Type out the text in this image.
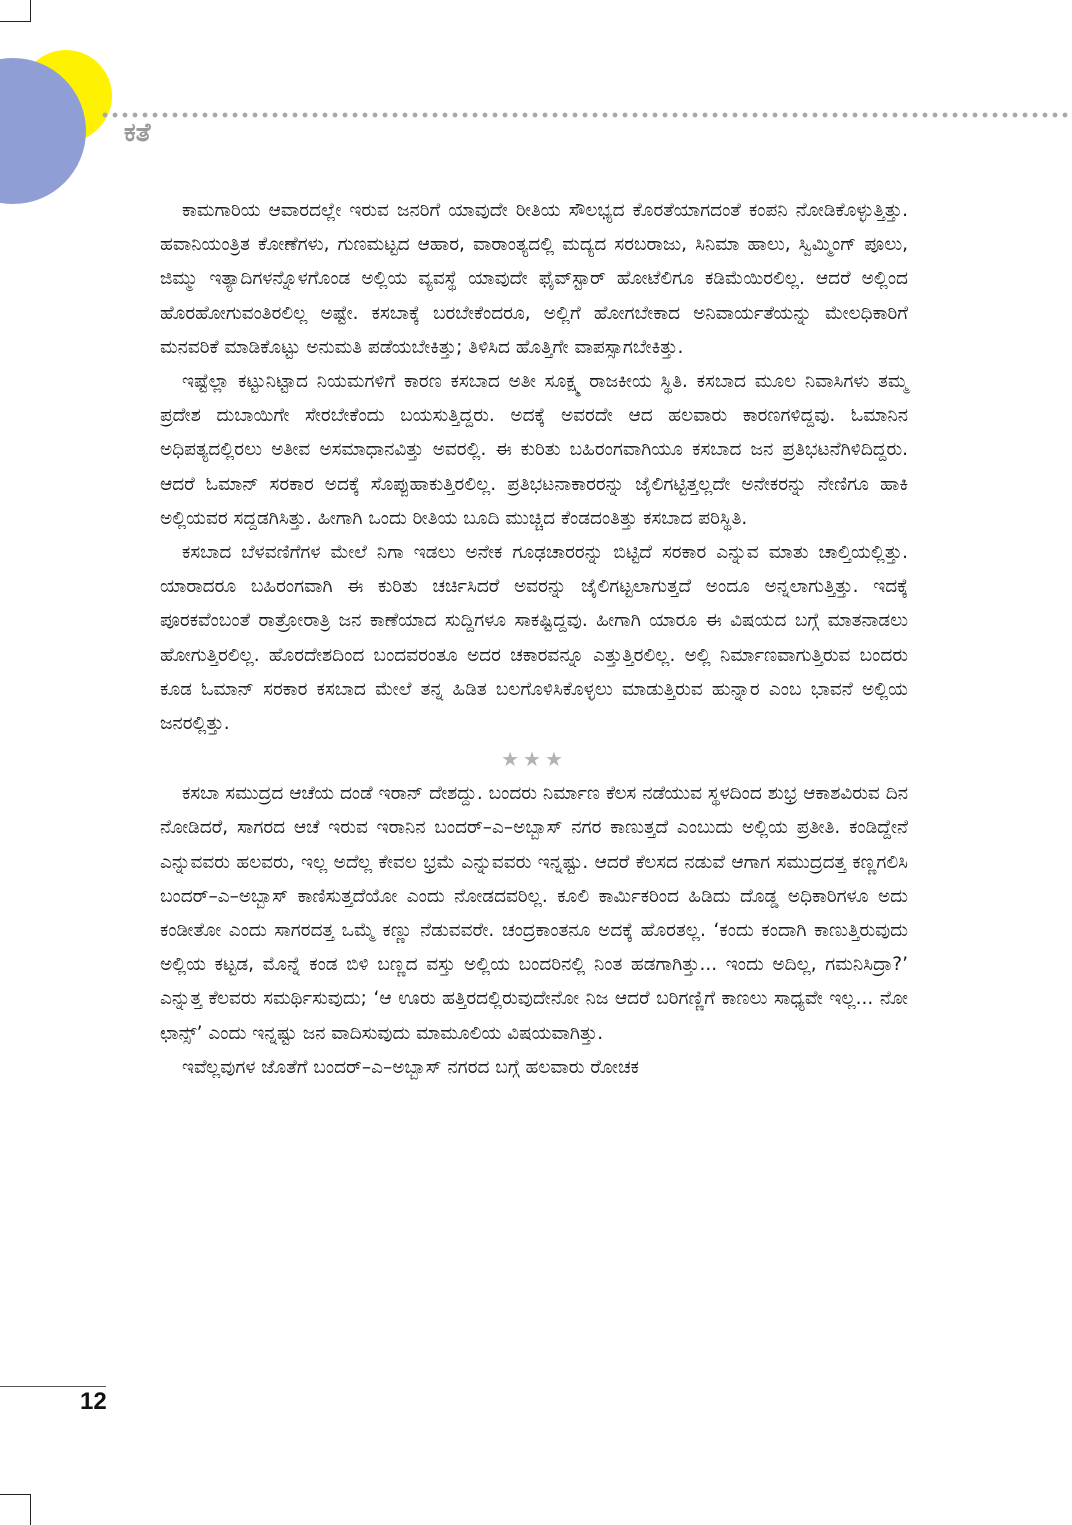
ಕತೆ

ಕಾಮಗಾರಿಯ ಆವಾರದಲ್ಲೇ ಇರುವ ಜನರಿಗೆ ಯಾವುದೇ ರೀತಿಯ ಸೌಲಭ್ಯದ ಕೊರತೆಯಾಗದಂತೆ ಕಂಪನಿ ನೋಡಿಕೊಳ್ಳುತ್ತಿತ್ತು. ಹವಾನಿಯಂತ್ರಿತ ಕೋಣೆಗಳು, ಗುಣಮಟ್ಟದ ಆಹಾರ, ವಾರಾಂತ್ಯದಲ್ಲಿ ಮದ್ಯದ ಸರಬರಾಜು, ಸಿನಿಮಾ ಹಾಲು, ಸ್ವಿಮ್ಮಿಂಗ್ ಪೂಲು, ಜಿಮ್ಮು ಇತ್ಯಾದಿಗಳನ್ನೊಳಗೊಂಡ ಅಲ್ಲಿಯ ವ್ಯವಸ್ಥೆ ಯಾವುದೇ ಫೈವ್‌ಸ್ಟಾರ್ ಹೋಟೆಲಿಗೂ ಕಡಿಮೆಯಿರಲಿಲ್ಲ. ಆದರೆ ಅಲ್ಲಿಂದ ಹೊರಹೋಗುವಂತಿರಲಿಲ್ಲ ಅಷ್ಟೇ. ಕಸಬಾಕ್ಕೆ ಬರಬೇಕೆಂದರೂ, ಅಲ್ಲಿಗೆ ಹೋಗಬೇಕಾದ ಅನಿವಾರ್ಯತೆಯನ್ನು ಮೇಲಧಿಕಾರಿಗೆ ಮನವರಿಕೆ ಮಾಡಿಕೊಟ್ಟು ಅನುಮತಿ ಪಡೆಯಬೇಕಿತ್ತು; ತಿಳಿಸಿದ ಹೊತ್ತಿಗೇ ವಾಪಸ್ಸಾಗಬೇಕಿತ್ತು.

ಇಷ್ಟೆಲ್ಲಾ ಕಟ್ಟುನಿಟ್ಟಾದ ನಿಯಮಗಳಿಗೆ ಕಾರಣ ಕಸಬಾದ ಅತೀ ಸೂಕ್ಷ್ಮ ರಾಜಕೀಯ ಸ್ಥಿತಿ. ಕಸಬಾದ ಮೂಲ ನಿವಾಸಿಗಳು ತಮ್ಮ ಪ್ರದೇಶ ದುಬಾಯಿಗೇ ಸೇರಬೇಕೆಂದು ಬಯಸುತ್ತಿದ್ದರು. ಅದಕ್ಕೆ ಅವರದೇ ಆದ ಹಲವಾರು ಕಾರಣಗಳಿದ್ದವು. ಓಮಾನಿನ ಅಧಿಪತ್ಯದಲ್ಲಿರಲು ಅತೀವ ಅಸಮಾಧಾನವಿತ್ತು ಅವರಲ್ಲಿ. ಈ ಕುರಿತು ಬಹಿರಂಗವಾಗಿಯೂ ಕಸಬಾದ ಜನ ಪ್ರತಿಭಟನೆಗಿಳಿದಿದ್ದರು. ಆದರೆ ಓಮಾನ್ ಸರಕಾರ ಅದಕ್ಕೆ ಸೊಪ್ಪುಹಾಕುತ್ತಿರಲಿಲ್ಲ. ಪ್ರತಿಭಟನಾಕಾರರನ್ನು ಜೈಲಿಗಟ್ಟಿತ್ತಲ್ಲದೇ ಅನೇಕರನ್ನು ನೇಣಿಗೂ ಹಾಕಿ ಅಲ್ಲಿಯವರ ಸದ್ದಡಗಿಸಿತ್ತು. ಹೀಗಾಗಿ ಒಂದು ರೀತಿಯ ಬೂದಿ ಮುಚ್ಚಿದ ಕೆಂಡದಂತಿತ್ತು ಕಸಬಾದ ಪರಿಸ್ಥಿತಿ.

ಕಸಬಾದ ಬೆಳವಣಿಗೆಗಳ ಮೇಲೆ ನಿಗಾ ಇಡಲು ಅನೇಕ ಗೂಢಚಾರರನ್ನು ಬಿಟ್ಟಿದೆ ಸರಕಾರ ಎನ್ನುವ ಮಾತು ಚಾಲ್ತಿಯಲ್ಲಿತ್ತು. ಯಾರಾದರೂ ಬಹಿರಂಗವಾಗಿ ಈ ಕುರಿತು ಚರ್ಚಿಸಿದರೆ ಅವರನ್ನು ಜೈಲಿಗಟ್ಟಲಾಗುತ್ತದೆ ಅಂದೂ ಅನ್ನಲಾಗುತ್ತಿತ್ತು. ಇದಕ್ಕೆ ಪೂರಕವೆಂಬಂತೆ ರಾತ್ರೋರಾತ್ರಿ ಜನ ಕಾಣೆಯಾದ ಸುದ್ದಿಗಳೂ ಸಾಕಷ್ಟಿದ್ದವು. ಹೀಗಾಗಿ ಯಾರೂ ಈ ವಿಷಯದ ಬಗ್ಗೆ ಮಾತನಾಡಲು ಹೋಗುತ್ತಿರಲಿಲ್ಲ. ಹೊರದೇಶದಿಂದ ಬಂದವರಂತೂ ಅದರ ಚಕಾರವನ್ನೂ ಎತ್ತುತ್ತಿರಲಿಲ್ಲ. ಅಲ್ಲಿ ನಿರ್ಮಾಣವಾಗುತ್ತಿರುವ ಬಂದರು ಕೂಡ ಓಮಾನ್ ಸರಕಾರ ಕಸಬಾದ ಮೇಲೆ ತನ್ನ ಹಿಡಿತ ಬಲಗೊಳಿಸಿಕೊಳ್ಳಲು ಮಾಡುತ್ತಿರುವ ಹುನ್ನಾರ ಎಂಬ ಭಾವನೆ ಅಲ್ಲಿಯ ಜನರಲ್ಲಿತ್ತು.

★★★

ಕಸಬಾ ಸಮುದ್ರದ ಆಚೆಯ ದಂಡೆ ಇರಾನ್ ದೇಶದ್ದು. ಬಂದರು ನಿರ್ಮಾಣ ಕೆಲಸ ನಡೆಯುವ ಸ್ಥಳದಿಂದ ಶುಭ್ರ ಆಕಾಶವಿರುವ ದಿನ ನೋಡಿದರೆ, ಸಾಗರದ ಆಚೆ ಇರುವ ಇರಾನಿನ ಬಂದರ್–ಎ–ಅಬ್ಬಾಸ್ ನಗರ ಕಾಣುತ್ತದೆ ಎಂಬುದು ಅಲ್ಲಿಯ ಪ್ರತೀತಿ. ಕಂಡಿದ್ದೇನೆ ಎನ್ನುವವರು ಹಲವರು, ಇಲ್ಲ ಅದೆಲ್ಲ ಕೇವಲ ಭ್ರಮೆ ಎನ್ನುವವರು ಇನ್ನಷ್ಟು. ಆದರೆ ಕೆಲಸದ ನಡುವೆ ಆಗಾಗ ಸಮುದ್ರದತ್ತ ಕಣ್ಣಗಲಿಸಿ ಬಂದರ್–ಎ–ಅಬ್ಬಾಸ್ ಕಾಣಿಸುತ್ತದೆಯೋ ಎಂದು ನೋಡದವರಿಲ್ಲ. ಕೂಲಿ ಕಾರ್ಮಿಕರಿಂದ ಹಿಡಿದು ದೊಡ್ಡ ಅಧಿಕಾರಿಗಳೂ ಅದು ಕಂಡೀತೋ ಎಂದು ಸಾಗರದತ್ತ ಒಮ್ಮೆ ಕಣ್ಣು ನೆಡುವವರೇ. ಚಂದ್ರಕಾಂತನೂ ಅದಕ್ಕೆ ಹೊರತಲ್ಲ. ‘ಕಂದು ಕಂದಾಗಿ ಕಾಣುತ್ತಿರುವುದು ಅಲ್ಲಿಯ ಕಟ್ಟಡ, ಮೊನ್ನೆ ಕಂಡ ಬಿಳಿ ಬಣ್ಣದ ವಸ್ತು ಅಲ್ಲಿಯ ಬಂದರಿನಲ್ಲಿ ನಿಂತ ಹಡಗಾಗಿತ್ತು... ಇಂದು ಅದಿಲ್ಲ, ಗಮನಿಸಿದ್ರಾ?’ ಎನ್ನುತ್ತ ಕೆಲವರು ಸಮರ್ಥಿಸುವುದು; ‘ಆ ಊರು ಹತ್ತಿರದಲ್ಲಿರುವುದೇನೋ ನಿಜ ಆದರೆ ಬರಿಗಣ್ಣಿಗೆ ಕಾಣಲು ಸಾಧ್ಯವೇ ಇಲ್ಲ... ನೋ ಛಾನ್ಸ್’ ಎಂದು ಇನ್ನಷ್ಟು ಜನ ವಾದಿಸುವುದು ಮಾಮೂಲಿಯ ವಿಷಯವಾಗಿತ್ತು.

ಇವೆಲ್ಲವುಗಳ ಜೊತೆಗೆ ಬಂದರ್–ಎ–ಅಬ್ಬಾಸ್ ನಗರದ ಬಗ್ಗೆ ಹಲವಾರು ರೋಚಕ

12
